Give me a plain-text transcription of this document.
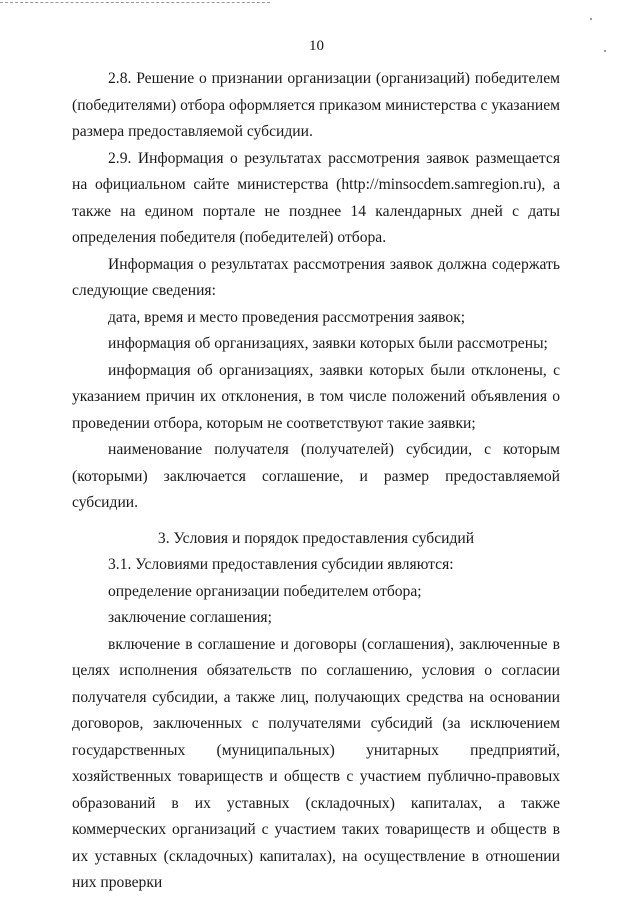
10

2.8. Решение о признании организации (организаций) победителем (победителями) отбора оформляется приказом министерства с указанием размера предоставляемой субсидии.

2.9. Информация о результатах рассмотрения заявок размещается на официальном сайте министерства (http://minsocdem.samregion.ru), а также на едином портале не позднее 14 календарных дней с даты определения победителя (победителей) отбора.

Информация о результатах рассмотрения заявок должна содержать следующие сведения:

дата, время и место проведения рассмотрения заявок;

информация об организациях, заявки которых были рассмотрены;

информация об организациях, заявки которых были отклонены, с указанием причин их отклонения, в том числе положений объявления о проведении отбора, которым не соответствуют такие заявки;

наименование получателя (получателей) субсидии, с которым (которыми) заключается соглашение, и размер предоставляемой субсидии.

3. Условия и порядок предоставления субсидий

3.1. Условиями предоставления субсидии являются:

определение организации победителем отбора;

заключение соглашения;

включение в соглашение и договоры (соглашения), заключенные в целях исполнения обязательств по соглашению, условия о согласии получателя субсидии, а также лиц, получающих средства на основании договоров, заключенных с получателями субсидий (за исключением государственных (муниципальных) унитарных предприятий, хозяйственных товариществ и обществ с участием публично-правовых образований в их уставных (складочных) капиталах, а также коммерческих организаций с участием таких товариществ и обществ в их уставных (складочных) капиталах), на осуществление в отношении них проверки
